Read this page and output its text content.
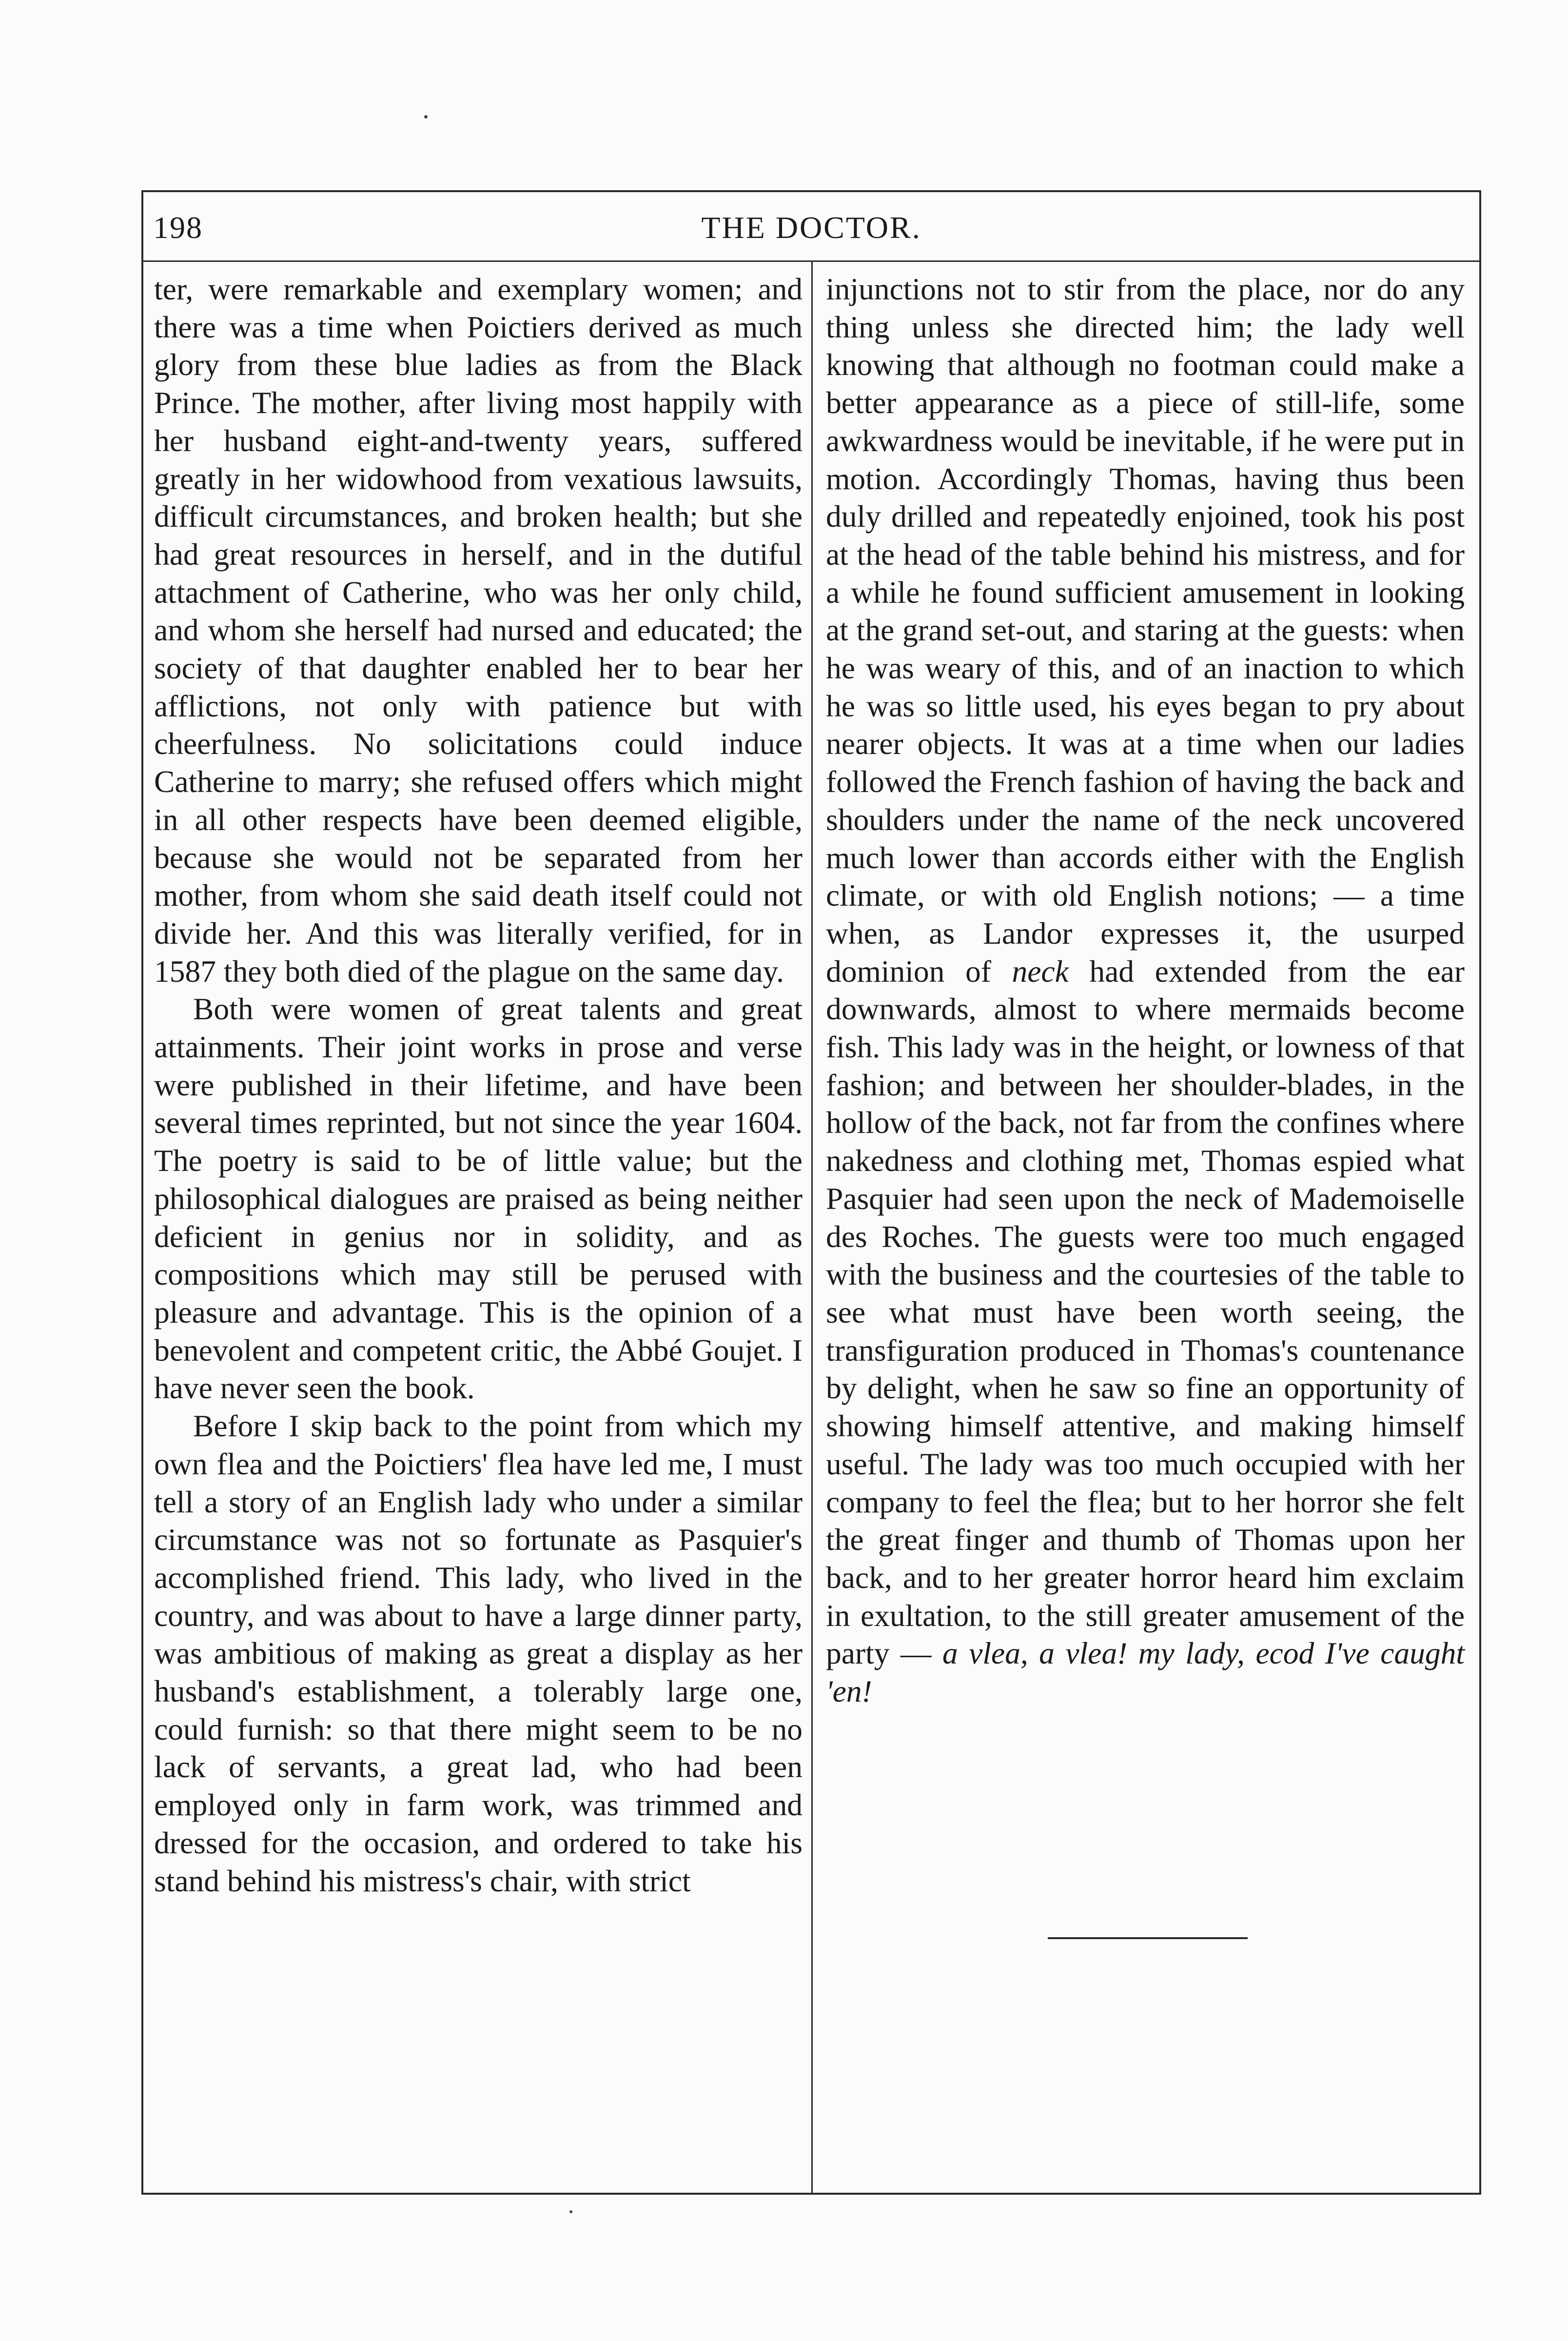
198	THE DOCTOR.

ter, were remarkable and exemplary women; and there was a time when Poictiers derived as much glory from these blue ladies as from the Black Prince. The mother, after living most happily with her husband eight-and-twenty years, suffered greatly in her widowhood from vexatious lawsuits, difficult circumstances, and broken health; but she had great resources in herself, and in the dutiful attachment of Catherine, who was her only child, and whom she herself had nursed and educated; the society of that daughter enabled her to bear her afflictions, not only with patience but with cheerfulness. No solicitations could induce Catherine to marry; she refused offers which might in all other respects have been deemed eligible, because she would not be separated from her mother, from whom she said death itself could not divide her. And this was literally verified, for in 1587 they both died of the plague on the same day.

Both were women of great talents and great attainments. Their joint works in prose and verse were published in their lifetime, and have been several times reprinted, but not since the year 1604. The poetry is said to be of little value; but the philosophical dialogues are praised as being neither deficient in genius nor in solidity, and as compositions which may still be perused with pleasure and advantage. This is the opinion of a benevolent and competent critic, the Abbé Goujet. I have never seen the book.

Before I skip back to the point from which my own flea and the Poictiers' flea have led me, I must tell a story of an English lady who under a similar circumstance was not so fortunate as Pasquier's accomplished friend. This lady, who lived in the country, and was about to have a large dinner party, was ambitious of making as great a display as her husband's establishment, a tolerably large one, could furnish: so that there might seem to be no lack of servants, a great lad, who had been employed only in farm work, was trimmed and dressed for the occasion, and ordered to take his stand behind his mistress's chair, with strict

injunctions not to stir from the place, nor do any thing unless she directed him; the lady well knowing that although no footman could make a better appearance as a piece of still-life, some awkwardness would be inevitable, if he were put in motion. Accordingly Thomas, having thus been duly drilled and repeatedly enjoined, took his post at the head of the table behind his mistress, and for a while he found sufficient amusement in looking at the grand set-out, and staring at the guests: when he was weary of this, and of an inaction to which he was so little used, his eyes began to pry about nearer objects. It was at a time when our ladies followed the French fashion of having the back and shoulders under the name of the neck uncovered much lower than accords either with the English climate, or with old English notions; — a time when, as Landor expresses it, the usurped dominion of neck had extended from the ear downwards, almost to where mermaids become fish. This lady was in the height, or lowness of that fashion; and between her shoulder-blades, in the hollow of the back, not far from the confines where nakedness and clothing met, Thomas espied what Pasquier had seen upon the neck of Mademoiselle des Roches. The guests were too much engaged with the business and the courtesies of the table to see what must have been worth seeing, the transfiguration produced in Thomas's countenance by delight, when he saw so fine an opportunity of showing himself attentive, and making himself useful. The lady was too much occupied with her company to feel the flea; but to her horror she felt the great finger and thumb of Thomas upon her back, and to her greater horror heard him exclaim in exultation, to the still greater amusement of the party — a vlea, a vlea! my lady, ecod I've caught 'en!
